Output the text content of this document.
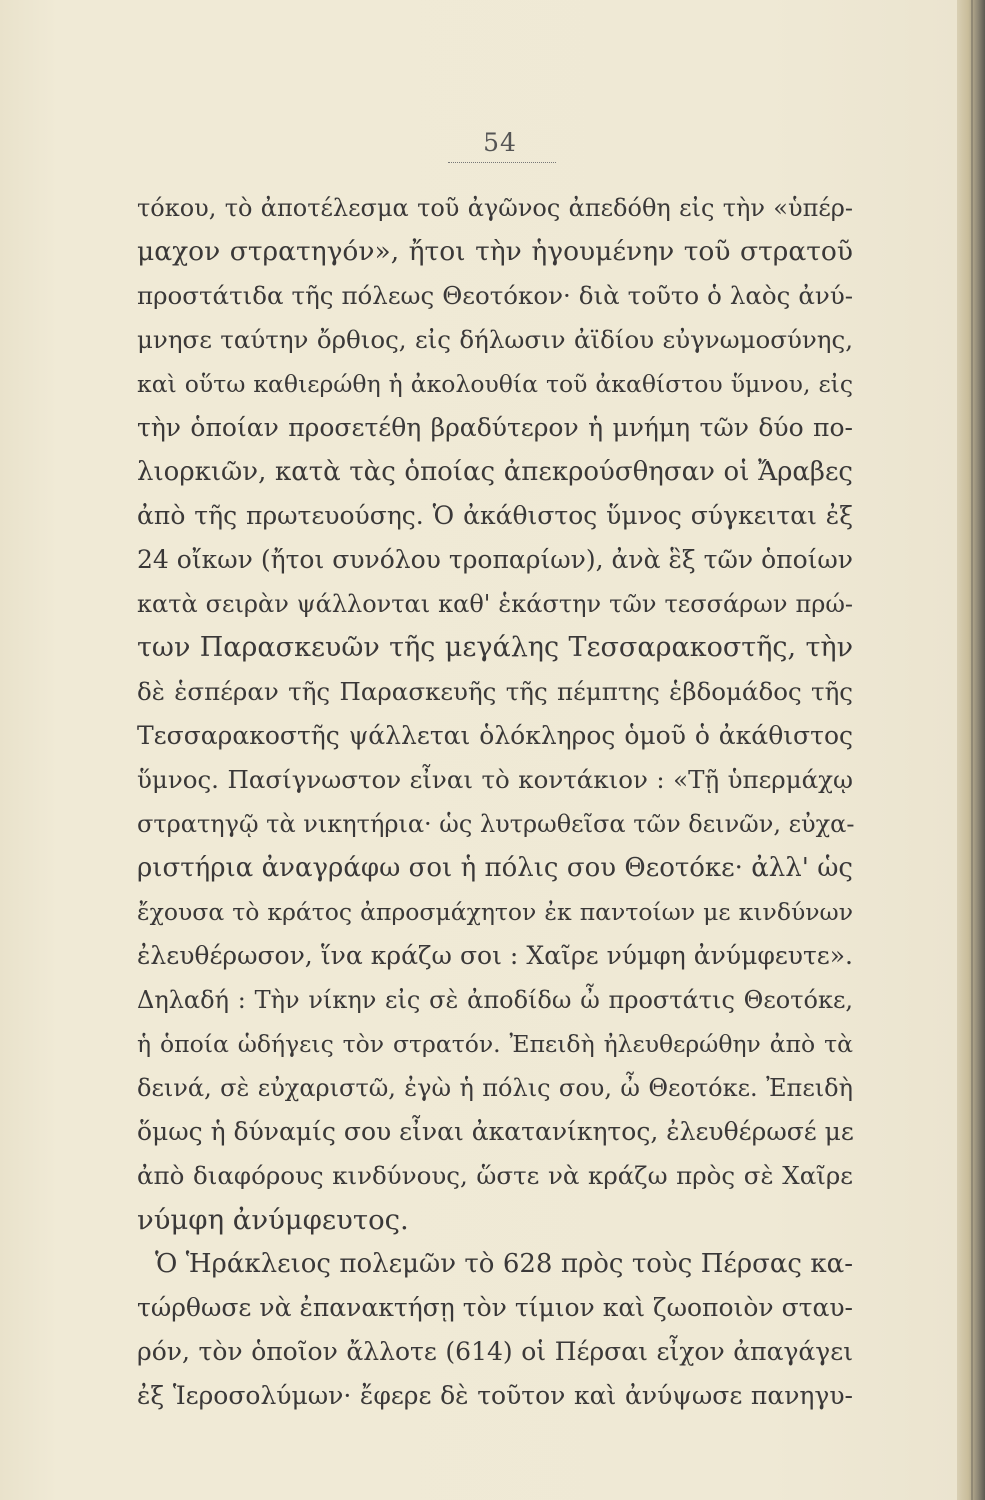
54
τόκου, τὸ ἀποτέλεσμα τοῦ ἀγῶνος ἀπεδόθη εἰς τὴν «ὑπέρ-
μαχον στρατηγόν», ἤτοι τὴν ἡγουμένην τοῦ στρατοῦ
προστάτιδα τῆς πόλεως Θεοτόκον· διὰ τοῦτο ὁ λαὸς ἀνύ-
μνησε ταύτην ὄρθιος, εἰς δήλωσιν ἀϊδίου εὐγνωμοσύνης,
καὶ οὕτω καθιερώθη ἡ ἀκολουθία τοῦ ἀκαθίστου ὕμνου, εἰς
τὴν ὁποίαν προσετέθη βραδύτερον ἡ μνήμη τῶν δύο πο-
λιορκιῶν, κατὰ τὰς ὁποίας ἀπεκρούσθησαν οἱ Ἄραβες
ἀπὸ τῆς πρωτευούσης. Ὁ ἀκάθιστος ὕμνος σύγκειται ἐξ
24 οἴκων (ἤτοι συνόλου τροπαρίων), ἀνὰ ἓξ τῶν ὁποίων
κατὰ σειρὰν ψάλλονται καθ' ἑκάστην τῶν τεσσάρων πρώ-
των Παρασκευῶν τῆς μεγάλης Τεσσαρακοστῆς, τὴν
δὲ ἑσπέραν τῆς Παρασκευῆς τῆς πέμπτης ἑβδομάδος τῆς
Τεσσαρακοστῆς ψάλλεται ὁλόκληρος ὁμοῦ ὁ ἀκάθιστος
ὕμνος. Πασίγνωστον εἶναι τὸ κοντάκιον : «Τῇ ὑπερμάχῳ
στρατηγῷ τὰ νικητήρια· ὡς λυτρωθεῖσα τῶν δεινῶν, εὐχα-
ριστήρια ἀναγράφω σοι ἡ πόλις σου Θεοτόκε· ἀλλ' ὡς
ἔχουσα τὸ κράτος ἀπροσμάχητον ἐκ παντοίων με κινδύνων
ἐλευθέρωσον, ἵνα κράζω σοι : Χαῖρε νύμφη ἀνύμφευτε».
Δηλαδή : Τὴν νίκην εἰς σὲ ἀποδίδω ὦ προστάτις Θεοτόκε,
ἡ ὁποία ὡδήγεις τὸν στρατόν. Ἐπειδὴ ἠλευθερώθην ἀπὸ τὰ
δεινά, σὲ εὐχαριστῶ, ἐγὼ ἡ πόλις σου, ὦ Θεοτόκε. Ἐπειδὴ
ὅμως ἡ δύναμίς σου εἶναι ἀκατανίκητος, ἐλευθέρωσέ με
ἀπὸ διαφόρους κινδύνους, ὥστε νὰ κράζω πρὸς σὲ Χαῖρε
νύμφη ἀνύμφευτος.
Ὁ Ἡράκλειος πολεμῶν τὸ 628 πρὸς τοὺς Πέρσας κα-
τώρθωσε νὰ ἐπανακτήσῃ τὸν τίμιον καὶ ζωοποιὸν σταυ-
ρόν, τὸν ὁποῖον ἄλλοτε (614) οἱ Πέρσαι εἶχον ἀπαγάγει
ἐξ Ἱεροσολύμων· ἔφερε δὲ τοῦτον καὶ ἀνύψωσε πανηγυ-
